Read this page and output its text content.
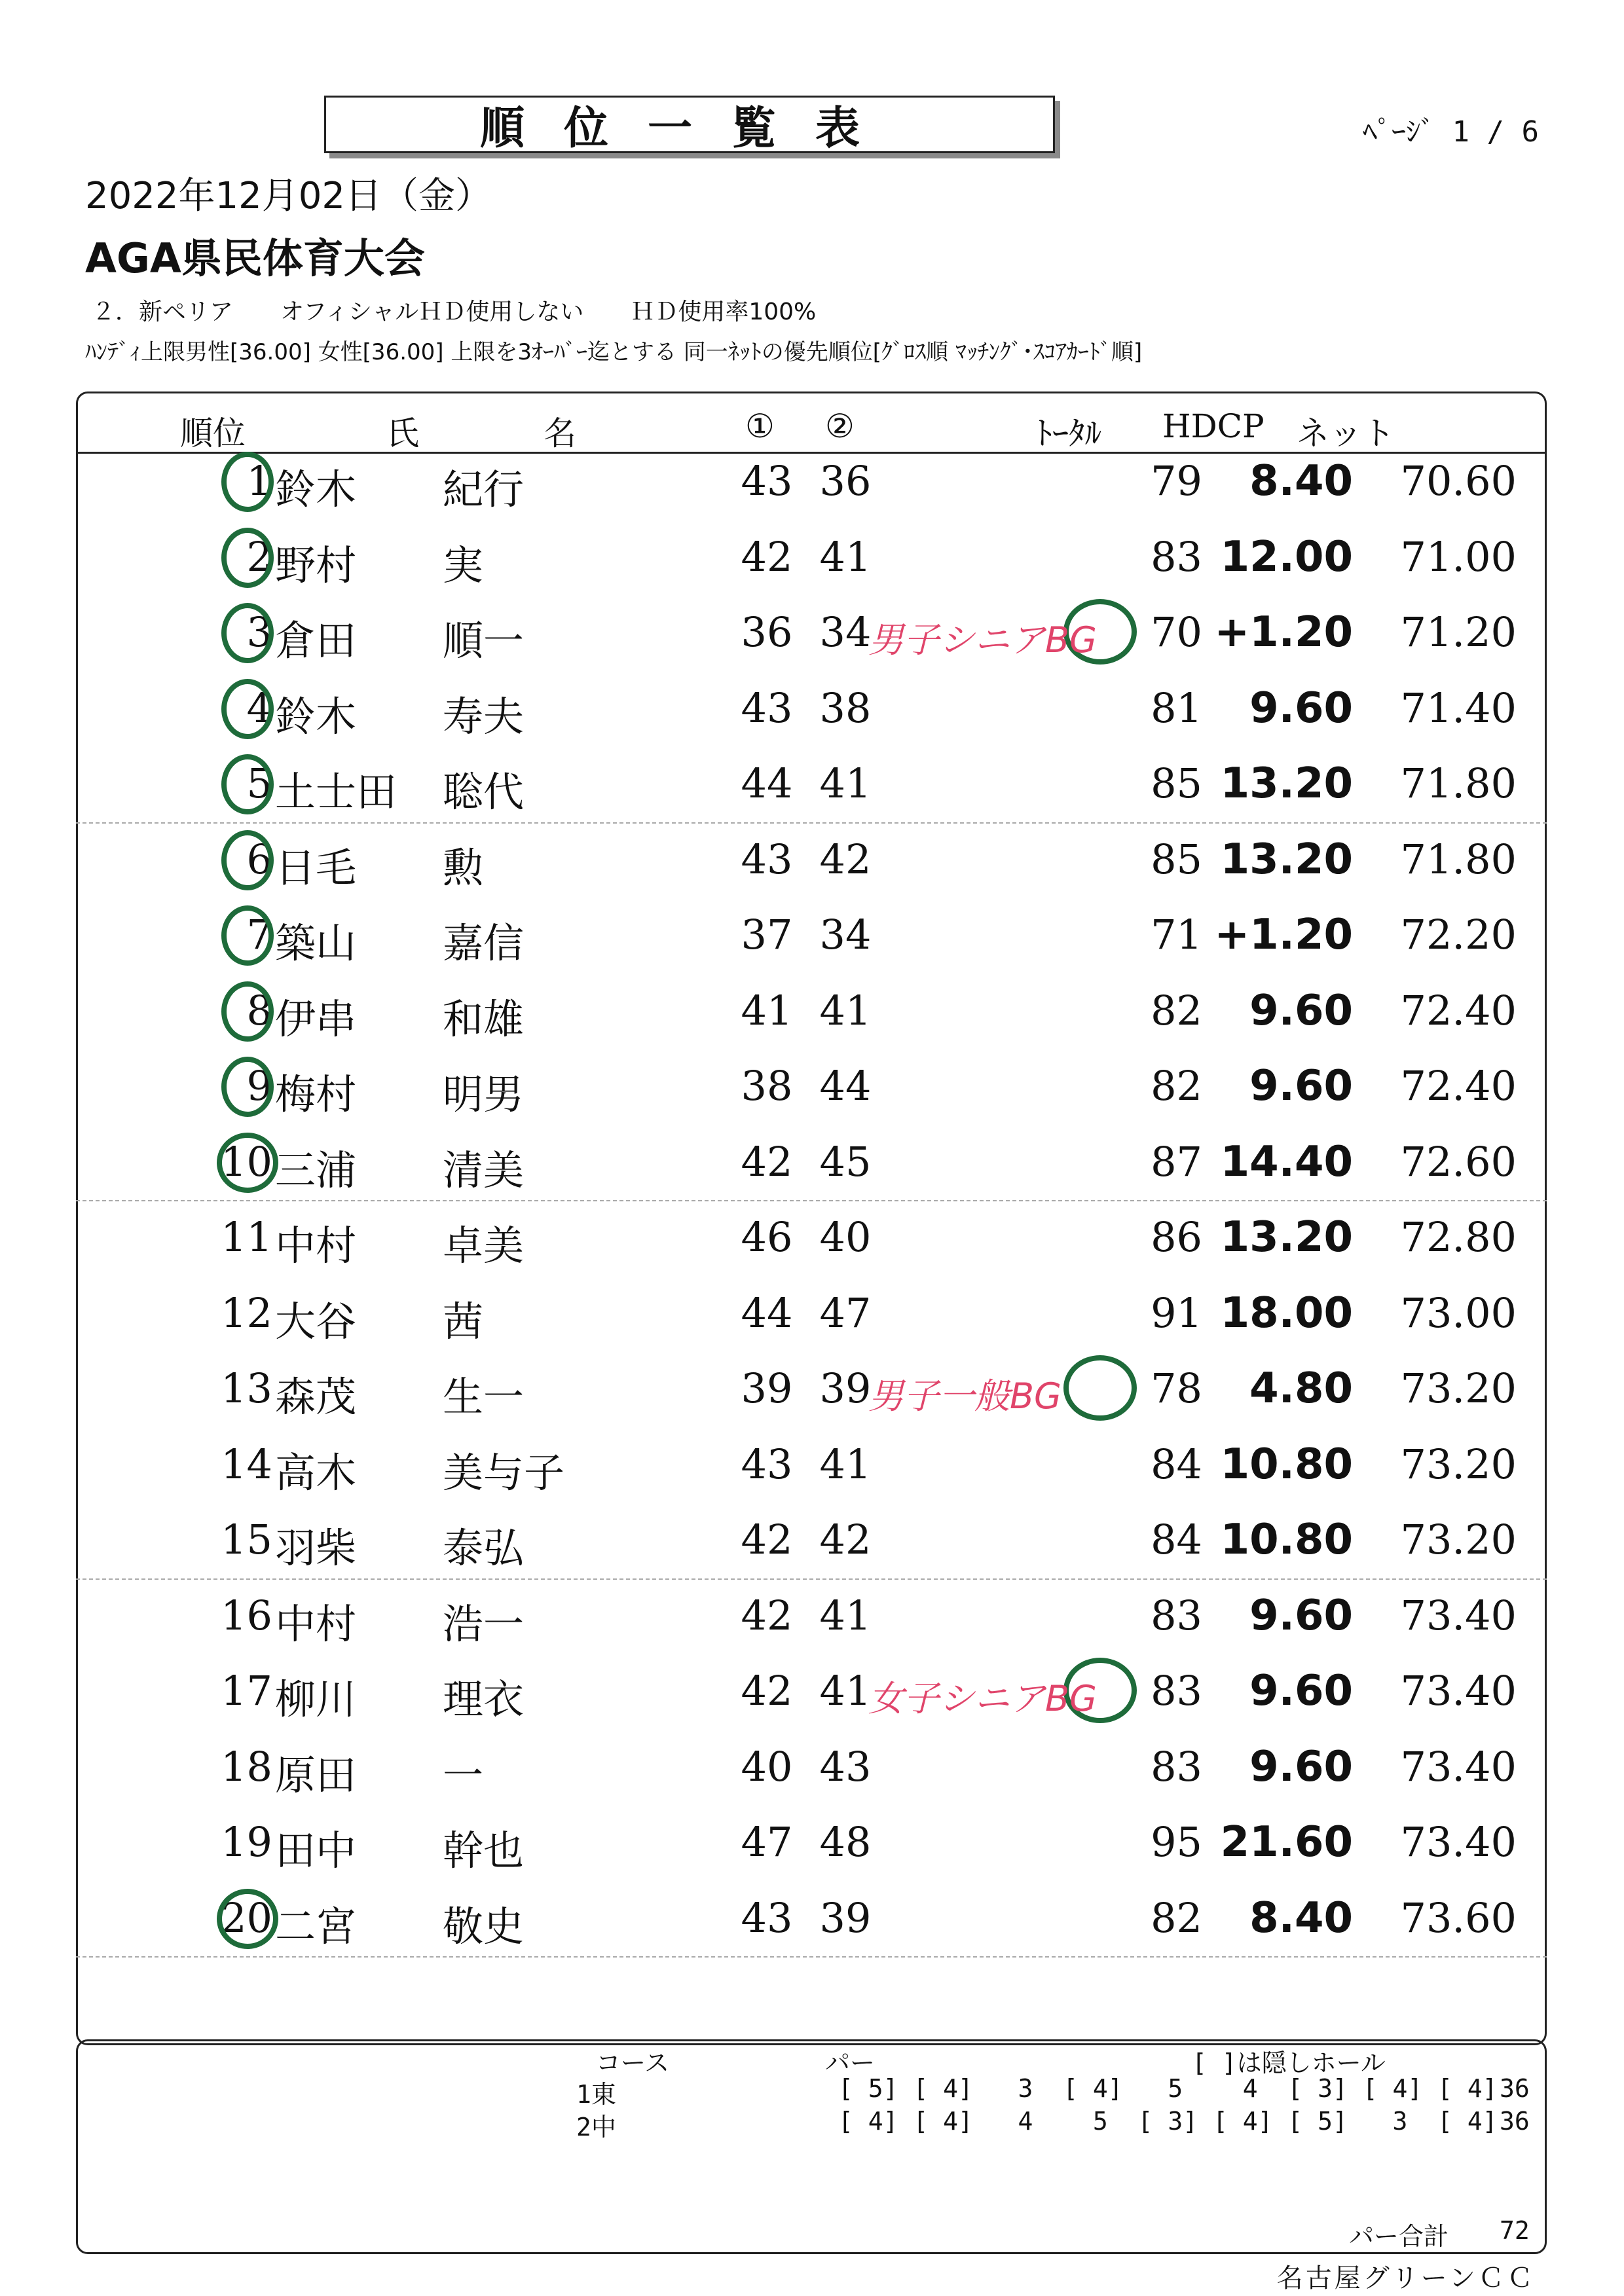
順位一覧表	ﾍﾟｰｼﾞ 1 / 6
2022年12月02日（金）
AGA県民体育大会
２．新ペリア　　オフィシャルＨＤ使用しない　　ＨＤ使用率100%
ﾊﾝﾃﾞｨ上限男性[36.00] 女性[36.00] 上限を3ｵｰﾊﾞｰ迄とする 同一ﾈｯﾄの優先順位[ｸﾞﾛｽ順 ﾏｯﾁﾝｸﾞ･ｽｺｱｶｰﾄﾞ順]
順位	氏	名	① ②	ﾄｰﾀﾙ HDCP ネット
1 鈴木 紀行	43 36	79	8.40	70.60
2 野村 実	42 41	83 12.00	71.00
3 倉田 順一	36 34	70 +1.20	71.20
男子シニアBG
4 鈴木 寿夫	43 38	81	9.60	71.40
5 土士田 聡代	44 41	85 13.20	71.80
6 日毛 勲	43 42	85 13.20	71.80
7 築山 嘉信	37 34	71 +1.20	72.20
8 伊串 和雄	41 41	82	9.60	72.40
9 梅村 明男	38 44	82	9.60	72.40
10 三浦 清美	42 45	87 14.40	72.60
11 中村 卓美	46 40	86 13.20	72.80
12 大谷 茜	44 47	91 18.00	73.00
13 森茂 生一	39 39	78	4.80	73.20
男子一般BG
14 高木 美与子	43 41	84 10.80	73.20
15 羽柴 泰弘	42 42	84 10.80	73.20
16 中村 浩一	42 41	83	9.60	73.40
17 柳川 理衣	42 41	83	9.60	73.40
女子シニアBG
18 原田 一	40 43	83	9.60	73.40
19 田中 幹也	47 48	95 21.60	73.40
20 二宮 敬史	43 39	82	8.40	73.60
コース	パー	[ ]は隠しホール
1東	[ 5] [ 4]   3  [ 4]   5    4  [ 3] [ 4] [ 4] 36
2中	[ 4] [ 4]   4    5  [ 3] [ 4] [ 5]   3  [ 4] 36
パー合計 72
名古屋グリーンＣＣ
